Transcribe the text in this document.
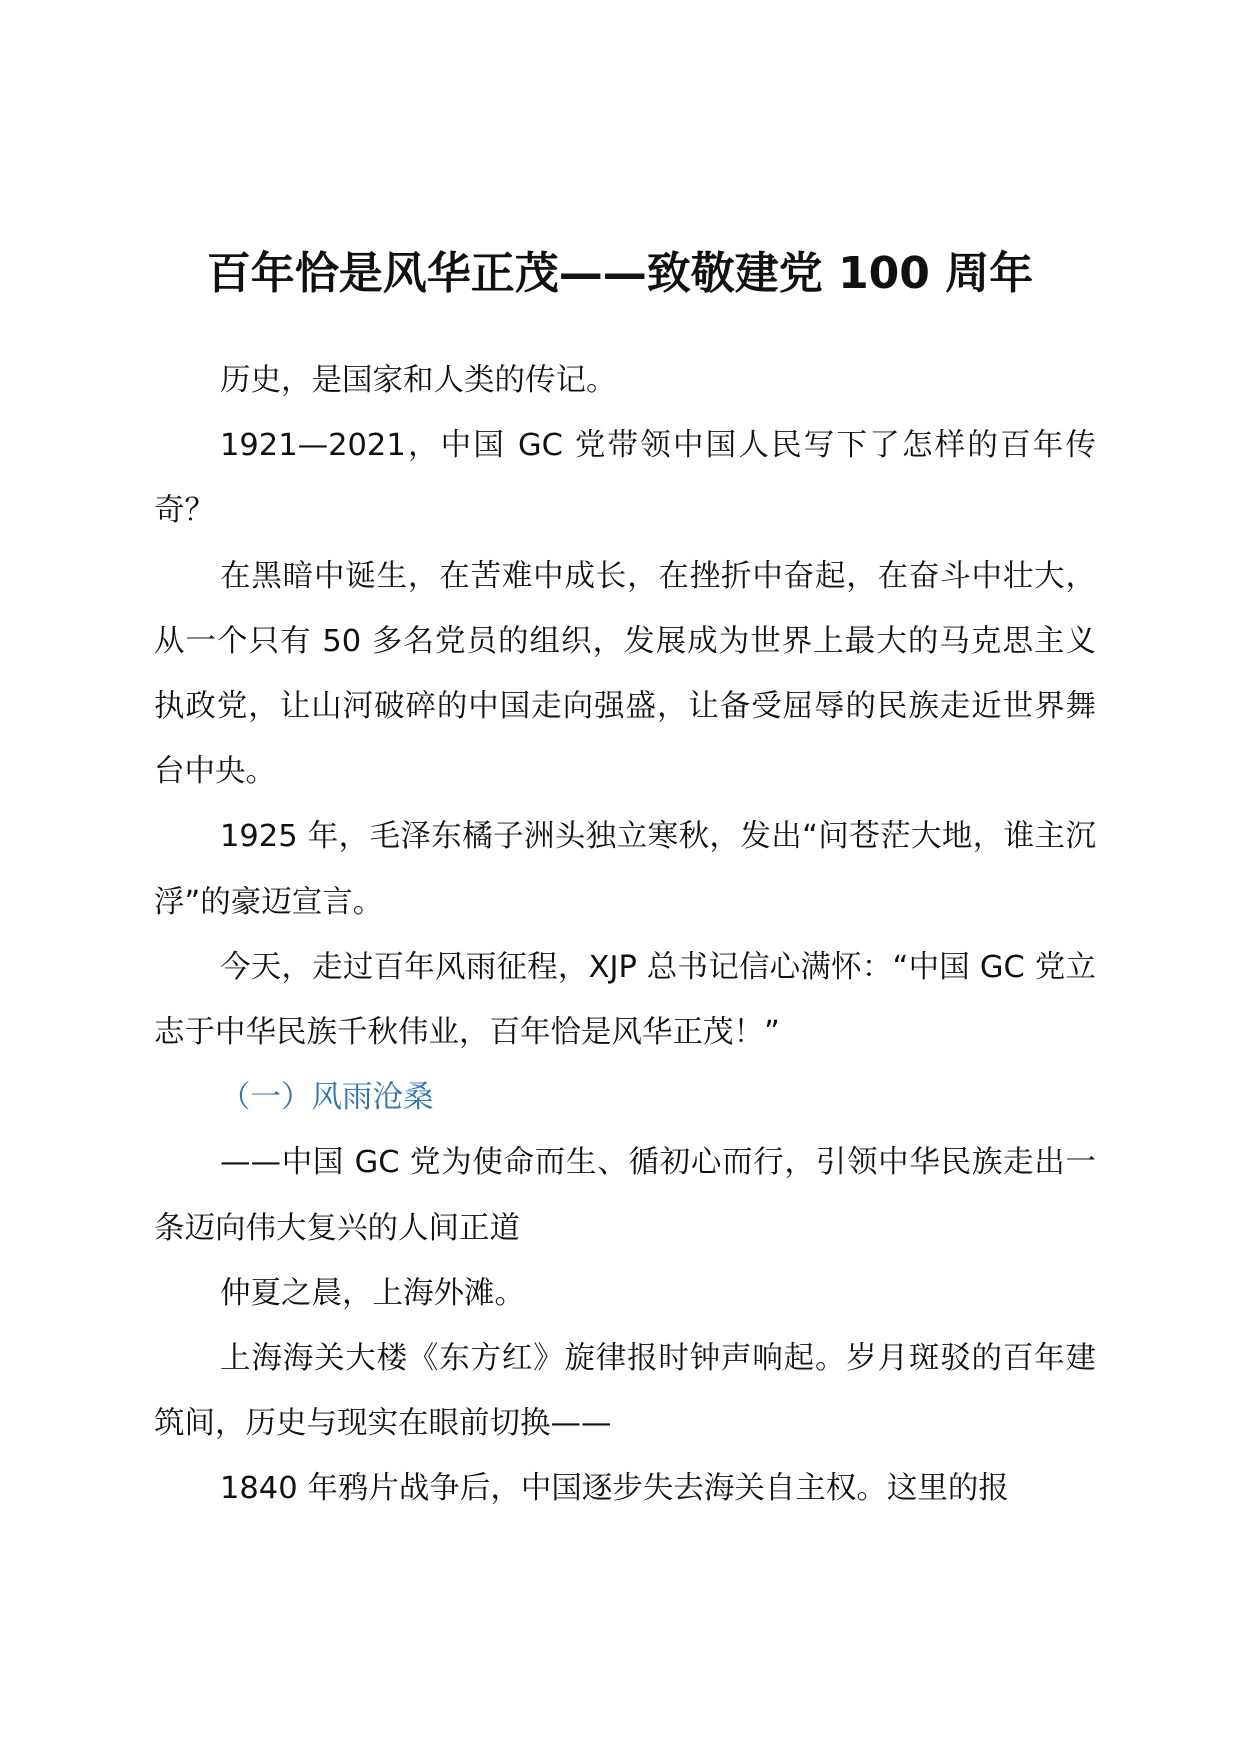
百年恰是风华正茂——致敬建党 100 周年

历史，是国家和人类的传记。

1921—2021，中国 GC 党带领中国人民写下了怎样的百年传奇？

在黑暗中诞生，在苦难中成长，在挫折中奋起，在奋斗中壮大，从一个只有 50 多名党员的组织，发展成为世界上最大的马克思主义执政党，让山河破碎的中国走向强盛，让备受屈辱的民族走近世界舞台中央。

1925 年，毛泽东橘子洲头独立寒秋，发出“问苍茫大地，谁主沉浮”的豪迈宣言。

今天，走过百年风雨征程，XJP 总书记信心满怀：“中国 GC 党立志于中华民族千秋伟业，百年恰是风华正茂！”

（一）风雨沧桑

——中国 GC 党为使命而生、循初心而行，引领中华民族走出一条迈向伟大复兴的人间正道

仲夏之晨，上海外滩。

上海海关大楼《东方红》旋律报时钟声响起。岁月斑驳的百年建筑间，历史与现实在眼前切换——

1840 年鸦片战争后，中国逐步失去海关自主权。这里的报
